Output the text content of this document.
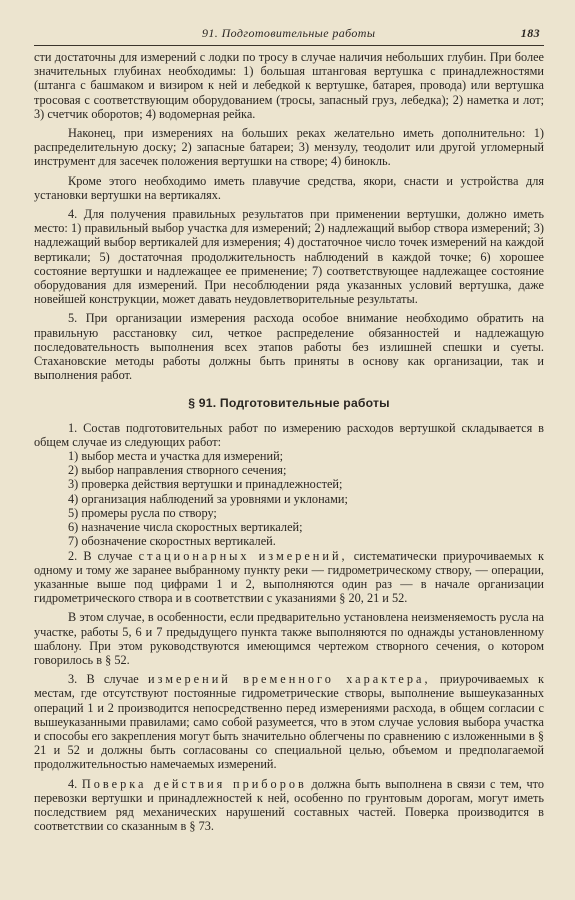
91. Подготовительные работы	183

сти достаточны для измерений с лодки по тросу в случае наличия небольших глубин. При более значительных глубинах необходимы: 1) большая штанговая вертушка с принадлежностями (штанга с башмаком и визиром к ней и лебедкой к вертушке, батарея, провода) или вертушка тросовая с соответствующим оборудованием (тросы, запасный груз, лебедка); 2) наметка и лот; 3) счетчик оборотов; 4) водомерная рейка.

Наконец, при измерениях на больших реках желательно иметь дополнительно: 1) распределительную доску; 2) запасные батареи; 3) мензулу, теодолит или другой угломерный инструмент для засечек положения вертушки на створе; 4) бинокль.

Кроме этого необходимо иметь плавучие средства, якори, снасти и устройства для установки вертушки на вертикалях.

4. Для получения правильных результатов при применении вертушки, должно иметь место: 1) правильный выбор участка для измерений; 2) надлежащий выбор створа измерений; 3) надлежащий выбор вертикалей для измерения; 4) достаточное число точек измерений на каждой вертикали; 5) достаточная продолжительность наблюдений в каждой точке; 6) хорошее состояние вертушки и надлежащее ее применение; 7) соответствующее надлежащее состояние оборудования для измерений. При несоблюдении ряда указанных условий вертушка, даже новейшей конструкции, может давать неудовлетворительные результаты.

5. При организации измерения расхода особое внимание необходимо обратить на правильную расстановку сил, четкое распределение обязанностей и надлежащую последовательность выполнения всех этапов работы без излишней спешки и суеты. Стахановские методы работы должны быть приняты в основу как организации, так и выполнения работ.

§ 91. Подготовительные работы

1. Состав подготовительных работ по измерению расходов вертушкой складывается в общем случае из следующих работ:

1) выбор места и участка для измерений;
2) выбор направления створного сечения;
3) проверка действия вертушки и принадлежностей;
4) организация наблюдений за уровнями и уклонами;
5) промеры русла по створу;
6) назначение числа скоростных вертикалей;
7) обозначение скоростных вертикалей.

2. В случае стационарных измерений, систематически приурочиваемых к одному и тому же заранее выбранному пункту реки — гидрометрическому створу, — операции, указанные выше под цифрами 1 и 2, выполняются один раз — в начале организации гидрометрического створа и в соответствии с указаниями § 20, 21 и 52.

В этом случае, в особенности, если предварительно установлена неизменяемость русла на участке, работы 5, 6 и 7 предыдущего пункта также выполняются по однажды установленному шаблону. При этом руководствуются имеющимся чертежом створного сечения, о котором говорилось в § 52.

3. В случае измерений временного характера, приурочиваемых к местам, где отсутствуют постоянные гидрометрические створы, выполнение вышеуказанных операций 1 и 2 производится непосредственно перед измерениями расхода, в общем согласии с вышеуказанными правилами; само собой разумеется, что в этом случае условия выбора участка и способы его закрепления могут быть значительно облегчены по сравнению с изложенными в § 21 и 52 и должны быть согласованы со специальной целью, объемом и предполагаемой продолжительностью намечаемых измерений.

4. Поверка действия приборов должна быть выполнена в связи с тем, что перевозки вертушки и принадлежностей к ней, особенно по грунтовым дорогам, могут иметь последствием ряд механических нарушений составных частей. Поверка производится в соответствии со сказанным в § 73.
